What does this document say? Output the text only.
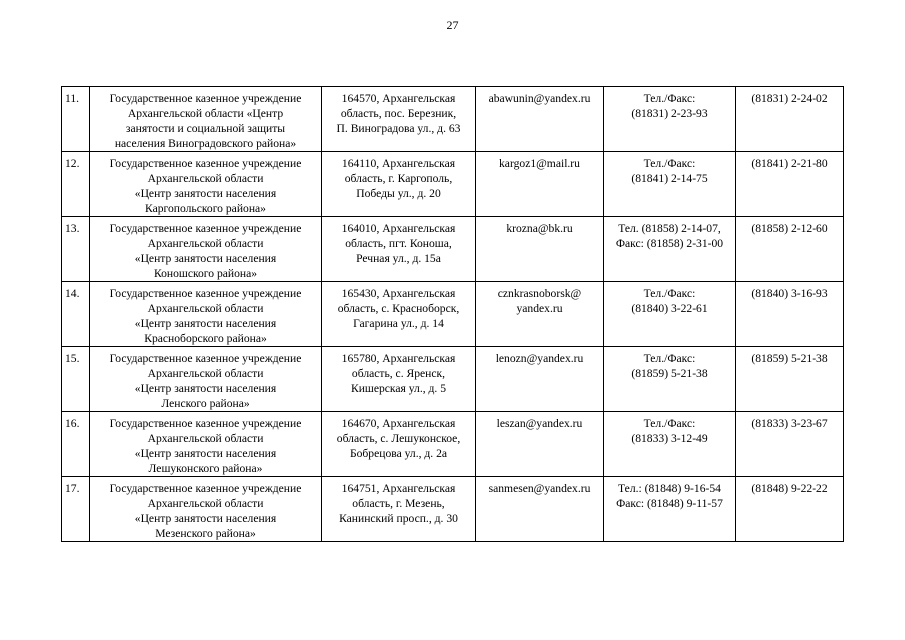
27
11.	Государственное казенное учреждение
Архангельской области «Центр
занятости и социальной защиты
населения Виноградовского района»	164570, Архангельская
область, пос. Березник,
П. Виноградова ул., д. 63	abawunin@yandex.ru	Тел./Факс:
(81831) 2-23-93	(81831) 2-24-02

12.	Государственное казенное учреждение
Архангельской области
«Центр занятости населения
Каргопольского района»	164110, Архангельская
область, г. Каргополь,
Победы ул., д. 20	kargoz1@mail.ru	Тел./Факс:
(81841) 2-14-75	(81841) 2-21-80

13.	Государственное казенное учреждение
Архангельской области
«Центр занятости населения
Коношского района»	164010, Архангельская
область, пгт. Коноша,
Речная ул., д. 15а	krozna@bk.ru	Тел. (81858) 2-14-07,
Факс: (81858) 2-31-00	(81858) 2-12-60

14.	Государственное казенное учреждение
Архангельской области
«Центр занятости населения
Красноборского района»	165430, Архангельская
область, с. Красноборск,
Гагарина ул., д. 14	cznkrasnoborsk@
yandex.ru	Тел./Факс:
(81840) 3-22-61	(81840) 3-16-93

15.	Государственное казенное учреждение
Архангельской области
«Центр занятости населения
Ленского района»	165780, Архангельская
область, с. Яренск,
Кишерская ул., д. 5	lenozn@yandex.ru	Тел./Факс:
(81859) 5-21-38	(81859) 5-21-38

16.	Государственное казенное учреждение
Архангельской области
«Центр занятости населения
Лешуконского района»	164670, Архангельская
область, с. Лешуконское,
Бобрецова ул., д. 2а	leszan@yandex.ru	Тел./Факс:
(81833) 3-12-49	(81833) 3-23-67

17.	Государственное казенное учреждение
Архангельской области
«Центр занятости населения
Мезенского района»	164751, Архангельская
область, г. Мезень,
Канинский просп., д. 30	sanmesen@yandex.ru	Тел.: (81848) 9-16-54
Факс: (81848) 9-11-57	(81848) 9-22-22
